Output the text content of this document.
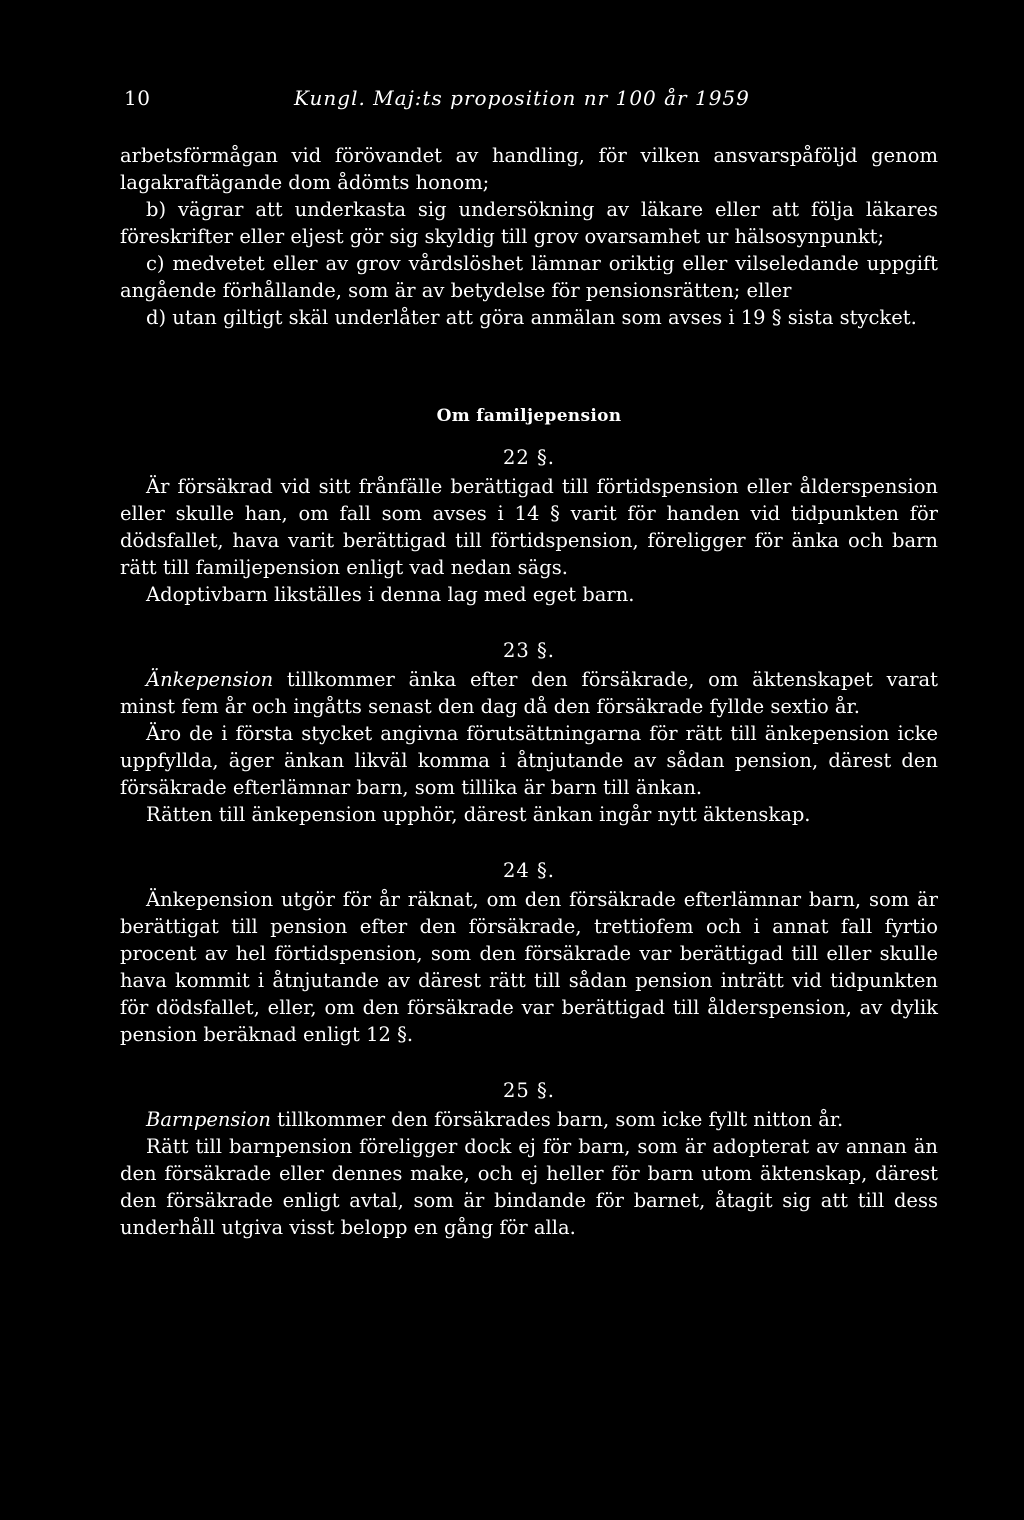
10	Kungl. Maj:ts proposition nr 100 år 1959

arbetsförmågan vid förövandet av handling, för vilken ansvarspåföljd genom lagakraftägande dom ådömts honom;

b) vägrar att underkasta sig undersökning av läkare eller att följa läkares föreskrifter eller eljest gör sig skyldig till grov ovarsamhet ur hälsosynpunkt;

c) medvetet eller av grov vårdslöshet lämnar oriktig eller vilseledande uppgift angående förhållande, som är av betydelse för pensionsrätten; eller

d) utan giltigt skäl underlåter att göra anmälan som avses i 19 § sista stycket.

Om familjepension
22 §.

Är försäkrad vid sitt frånfälle berättigad till förtidspension eller ålderspension eller skulle han, om fall som avses i 14 § varit för handen vid tidpunkten för dödsfallet, hava varit berättigad till förtidspension, föreligger för änka och barn rätt till familjepension enligt vad nedan sägs.

Adoptivbarn likställes i denna lag med eget barn.

23 §.

Änkepension tillkommer änka efter den försäkrade, om äktenskapet varat minst fem år och ingåtts senast den dag då den försäkrade fyllde sextio år.

Äro de i första stycket angivna förutsättningarna för rätt till änkepension icke uppfyllda, äger änkan likväl komma i åtnjutande av sådan pension, därest den försäkrade efterlämnar barn, som tillika är barn till änkan.

Rätten till änkepension upphör, därest änkan ingår nytt äktenskap.

24 §.

Änkepension utgör för år räknat, om den försäkrade efterlämnar barn, som är berättigat till pension efter den försäkrade, trettiofem och i annat fall fyrtio procent av hel förtidspension, som den försäkrade var berättigad till eller skulle hava kommit i åtnjutande av därest rätt till sådan pension inträtt vid tidpunkten för dödsfallet, eller, om den försäkrade var berättigad till ålderspension, av dylik pension beräknad enligt 12 §.

25 §.

Barnpension tillkommer den försäkrades barn, som icke fyllt nitton år.

Rätt till barnpension föreligger dock ej för barn, som är adopterat av annan än den försäkrade eller dennes make, och ej heller för barn utom äktenskap, därest den försäkrade enligt avtal, som är bindande för barnet, åtagit sig att till dess underhåll utgiva visst belopp en gång för alla.
